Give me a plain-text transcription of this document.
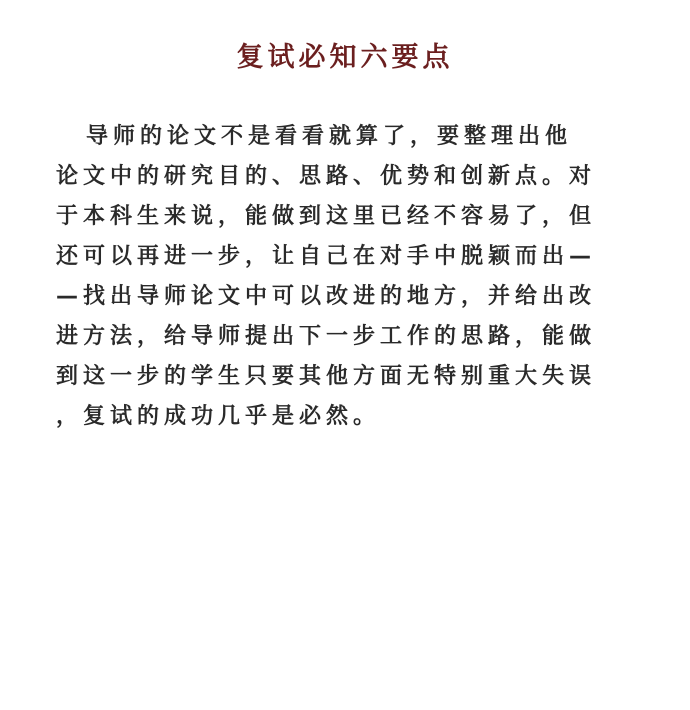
复试必知六要点
导师的论文不是看看就算了，要整理出他
论文中的研究目的、思路、优势和创新点。对
于本科生来说，能做到这里已经不容易了，但
还可以再进一步，让自己在对手中脱颖而出—
—找出导师论文中可以改进的地方，并给出改
进方法，给导师提出下一步工作的思路，能做
到这一步的学生只要其他方面无特别重大失误
，复试的成功几乎是必然。
